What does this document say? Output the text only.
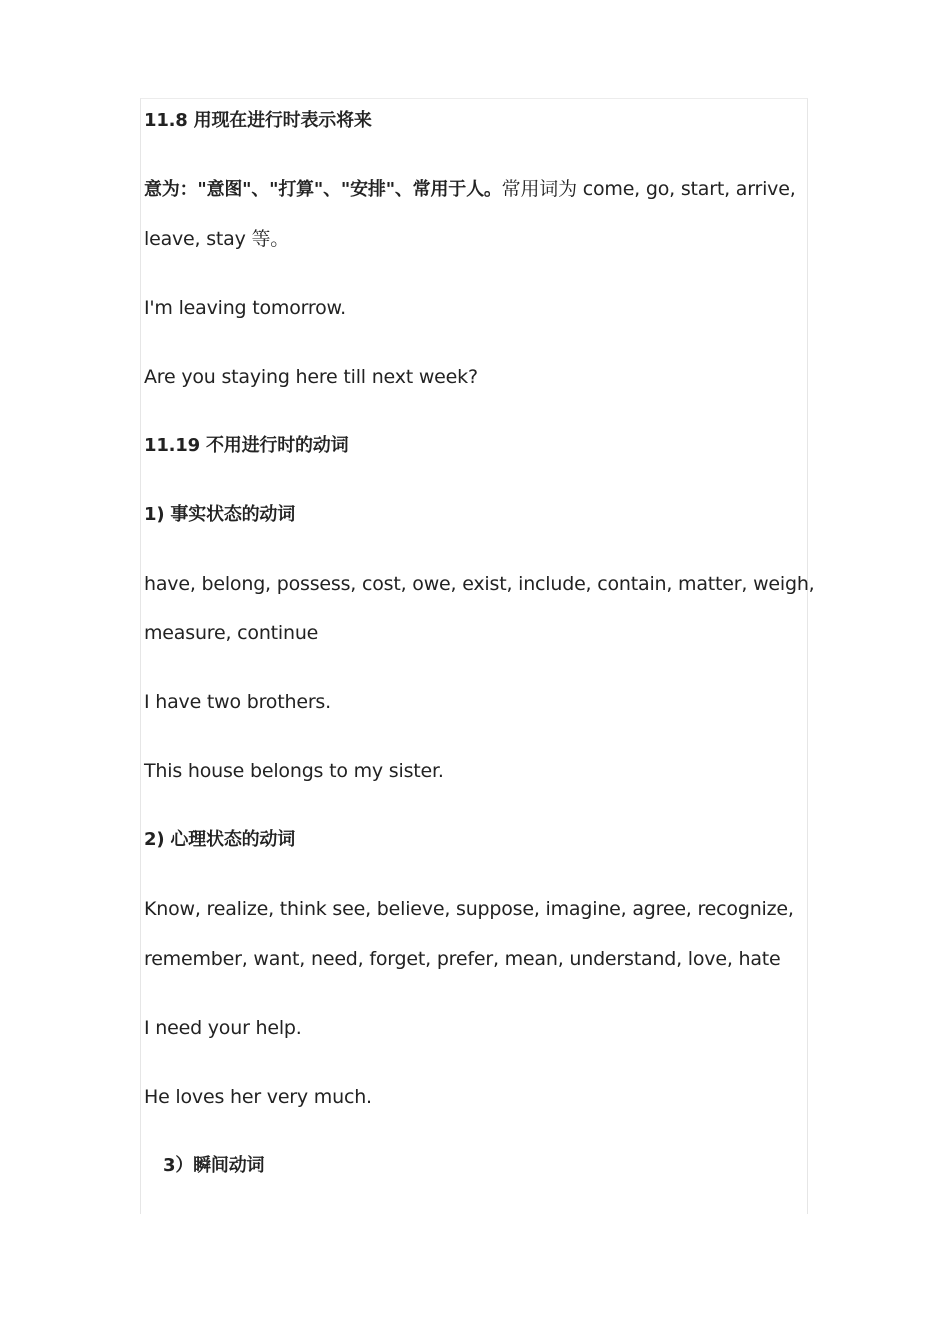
11.8 用现在进行时表示将来
意为："意图"、"打算"、"安排"、常用于人。常用词为 come, go, start, arrive,
leave, stay 等。
I'm leaving tomorrow.
Are you staying here till next week?
11.19 不用进行时的动词
1) 事实状态的动词
have, belong, possess, cost, owe, exist, include, contain, matter, weigh,
measure, continue
I have two brothers.
This house belongs to my sister.
2) 心理状态的动词
Know, realize, think see, believe, suppose, imagine, agree, recognize,
remember, want, need, forget, prefer, mean, understand, love, hate
I need your help.
He loves her very much.
3）瞬间动词
